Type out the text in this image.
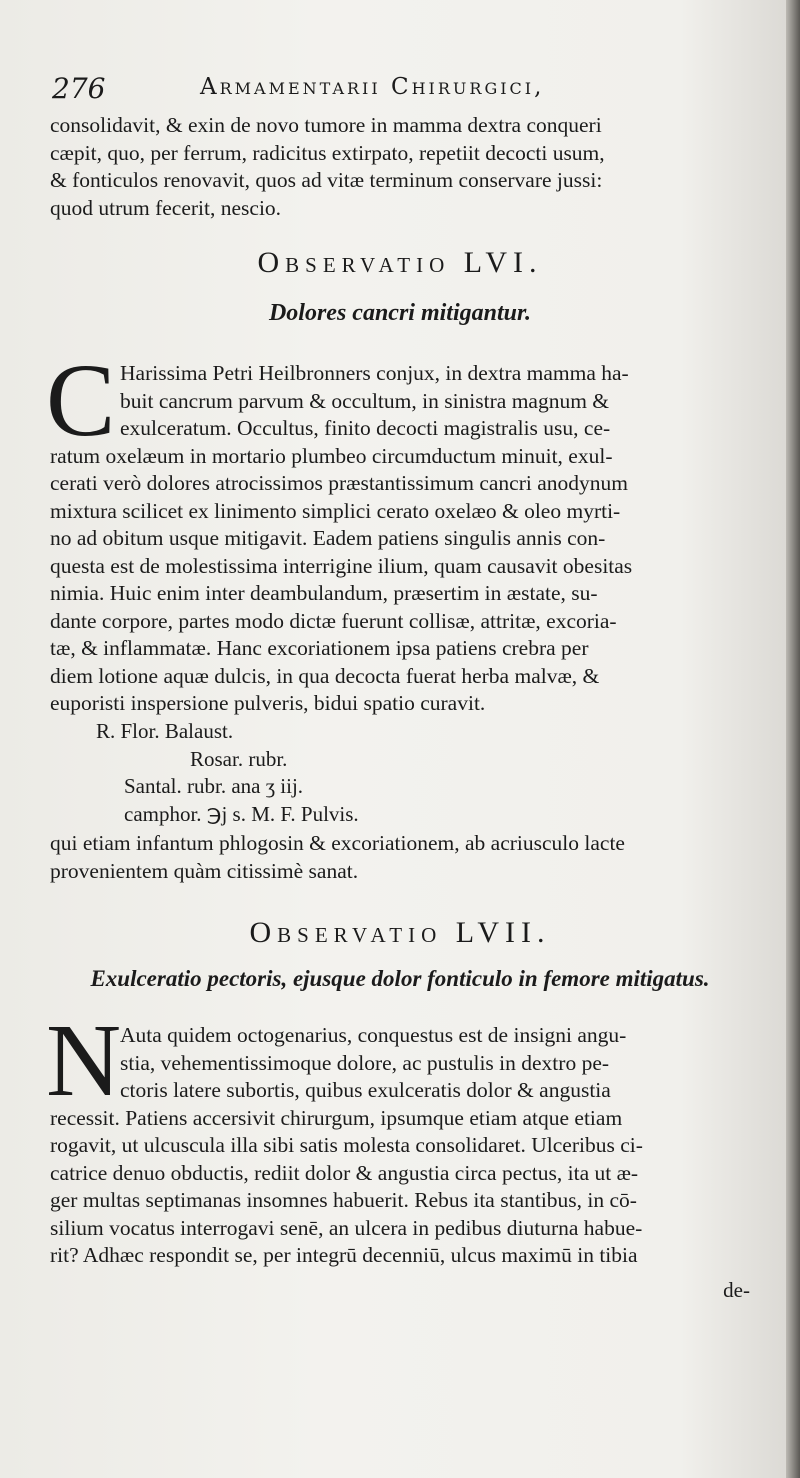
276	Armamentarii Chirurgici,
consolidavit, & exin de novo tumore in mamma dextra conqueri
cæpit, quo, per ferrum, radicitus extirpato, repetiit decocti usum,
& fonticulos renovavit, quos ad vitæ terminum conservare jussi:
quod utrum fecerit, nescio.
Observatio LVI.
Dolores cancri mitigantur.
C Harissima Petri Heilbronners conjux, in dextra mamma ha-
buit cancrum parvum & occultum, in sinistra magnum &
exulceratum. Occultus, finito decocti magistralis usu, ce-
ratum oxelæum in mortario plumbeo circumductum minuit, exul-
cerati verò dolores atrocissimos præstantissimum cancri anodynum
mixtura scilicet ex linimento simplici cerato oxelæo & oleo myrti-
no ad obitum usque mitigavit. Eadem patiens singulis annis con-
questa est de molestissima interrigine ilium, quam causavit obesitas
nimia. Huic enim inter deambulandum, præsertim in æstate, su-
dante corpore, partes modo dictæ fuerunt collisæ, attritæ, excoria-
tæ, & inflammatæ. Hanc excoriationem ipsa patiens crebra per
diem lotione aquæ dulcis, in qua decocta fuerat herba malvæ, &
euporisti inspersione pulveris, bidui spatio curavit.
R. Flor. Balaust.
Rosar. rubr.
Santal. rubr. ana ʒ iij.
camphor. ℈j s. M. F. Pulvis.
qui etiam infantum phlogosin & excoriationem, ab acriusculo lacte
provenientem quàm citissimè sanat.
Observatio LVII.
Exulceratio pectoris, ejusque dolor fonticulo in femore mitigatus.
N
Auta quidem octogenarius, conquestus est de insigni angu-
stia, vehementissimoque dolore, ac pustulis in dextro pe-
ctoris latere subortis, quibus exulceratis dolor & angustia
recessit. Patiens accersivit chirurgum, ipsumque etiam atque etiam
rogavit, ut ulcuscula illa sibi satis molesta consolidaret. Ulceribus ci-
catrice denuo obductis, rediit dolor & angustia circa pectus, ita ut æ-
ger multas septimanas insomnes habuerit. Rebus ita stantibus, in cō-
silium vocatus interrogavi senē, an ulcera in pedibus diuturna habue-
rit? Adhæc respondit se, per integrū decenniū, ulcus maximū in tibia
de-
